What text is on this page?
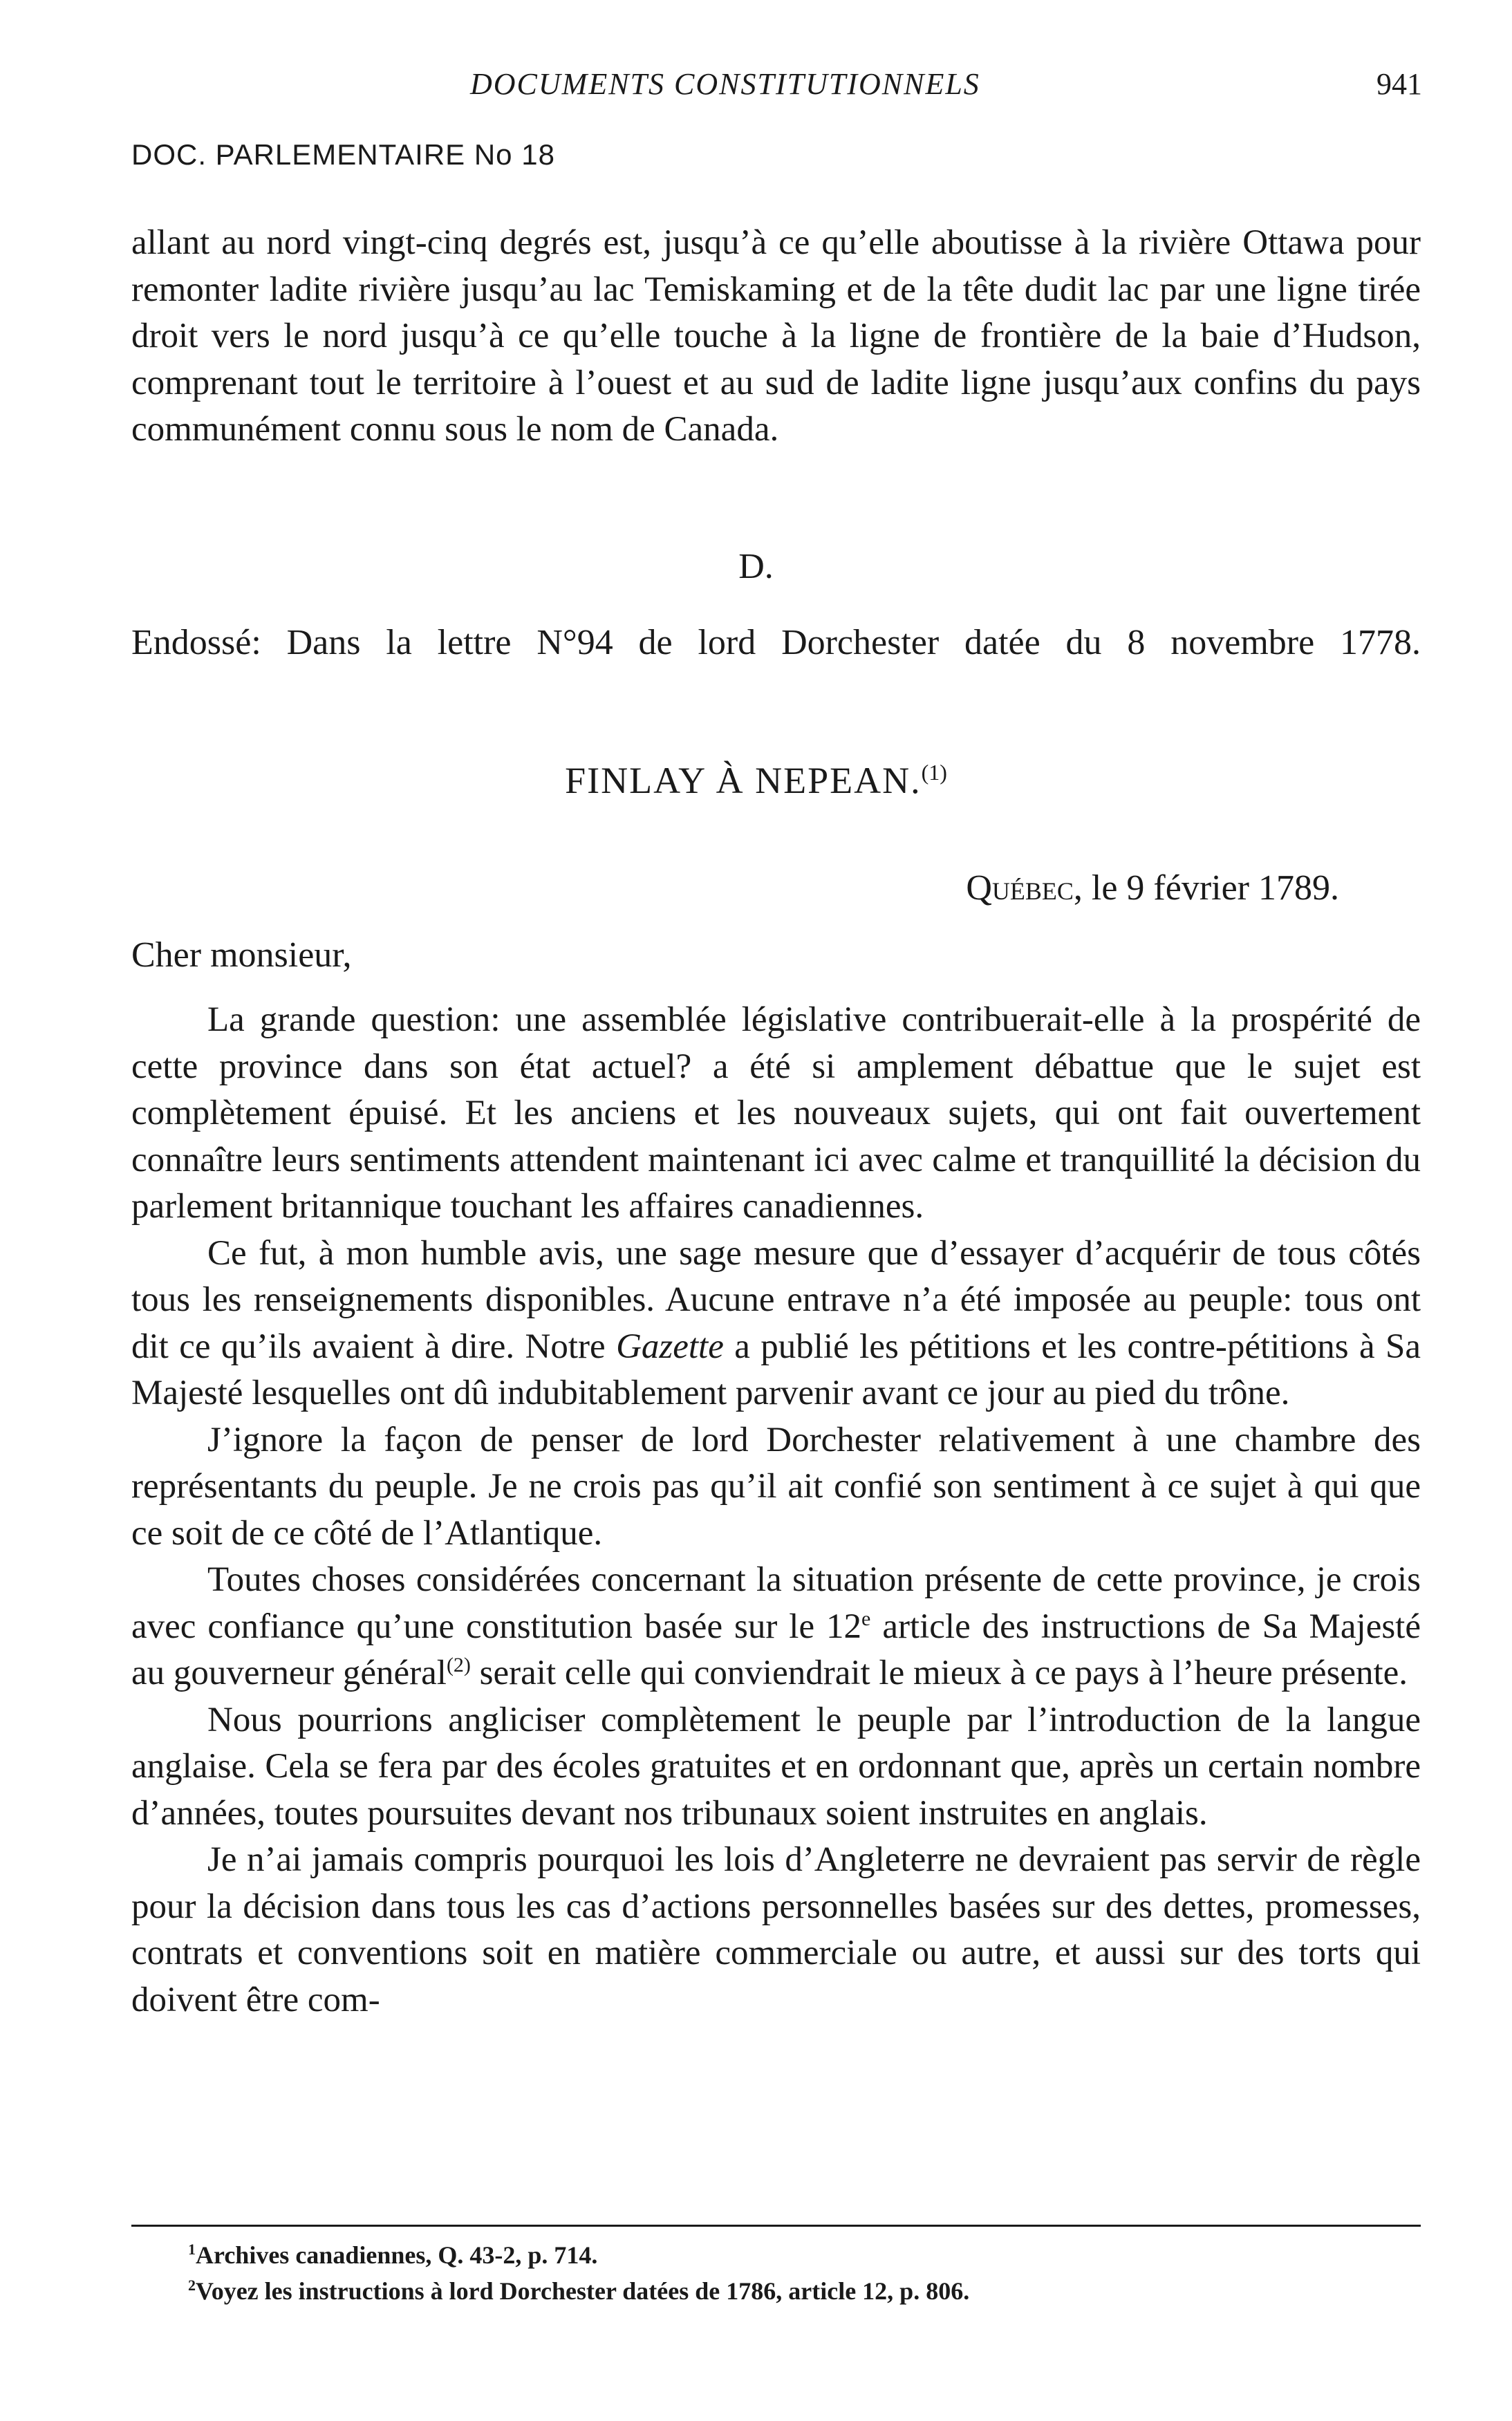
DOCUMENTS CONSTITUTIONNELS	941
DOC. PARLEMENTAIRE No 18

allant au nord vingt-cinq degrés est, jusqu’à ce qu’elle aboutisse à la rivière Ottawa pour remonter ladite rivière jusqu’au lac Temiskaming et de la tête dudit lac par une ligne tirée droit vers le nord jusqu’à ce qu’elle touche à la ligne de frontière de la baie d’Hudson, comprenant tout le territoire à l’ouest et au sud de ladite ligne jusqu’aux confins du pays communément connu sous le nom de Canada.

D.
Endossé: Dans la lettre N°94 de lord Dorchester datée du 8 novembre 1778.
FINLAY À NEPEAN.$^{(1)}$
Québec, le 9 février 1789.
Cher monsieur,

La grande question: une assemblée législative contribuerait-elle à la prospérité de cette province dans son état actuel? a été si amplement débattue que le sujet est complètement épuisé. Et les anciens et les nouveaux sujets, qui ont fait ouvertement connaître leurs sentiments attendent maintenant ici avec calme et tranquillité la décision du parlement britannique touchant les affaires canadiennes.

Ce fut, à mon humble avis, une sage mesure que d’essayer d’acquérir de tous côtés tous les renseignements disponibles. Aucune entrave n’a été imposée au peuple: tous ont dit ce qu’ils avaient à dire. Notre Gazette a publié les pétitions et les contre-pétitions à Sa Majesté lesquelles ont dû indubitablement parvenir avant ce jour au pied du trône.

J’ignore la façon de penser de lord Dorchester relativement à une chambre des représentants du peuple. Je ne crois pas qu’il ait confié son sentiment à ce sujet à qui que ce soit de ce côté de l’Atlantique.

Toutes choses considérées concernant la situation présente de cette province, je crois avec confiance qu’une constitution basée sur le 12e article des instructions de Sa Majesté au gouverneur général$^{(2)}$ serait celle qui conviendrait le mieux à ce pays à l’heure présente.

Nous pourrions angliciser complètement le peuple par l’introduction de la langue anglaise. Cela se fera par des écoles gratuites et en ordonnant que, après un certain nombre d’années, toutes poursuites devant nos tribunaux soient instruites en anglais.

Je n’ai jamais compris pourquoi les lois d’Angleterre ne devraient pas servir de règle pour la décision dans tous les cas d’actions personnelles basées sur des dettes, promesses, contrats et conventions soit en matière commerciale ou autre, et aussi sur des torts qui doivent être com-

$^1$Archives canadiennes, Q. 43-2, p. 714.

$^2$Voyez les instructions à lord Dorchester datées de 1786, article 12, p. 806.
